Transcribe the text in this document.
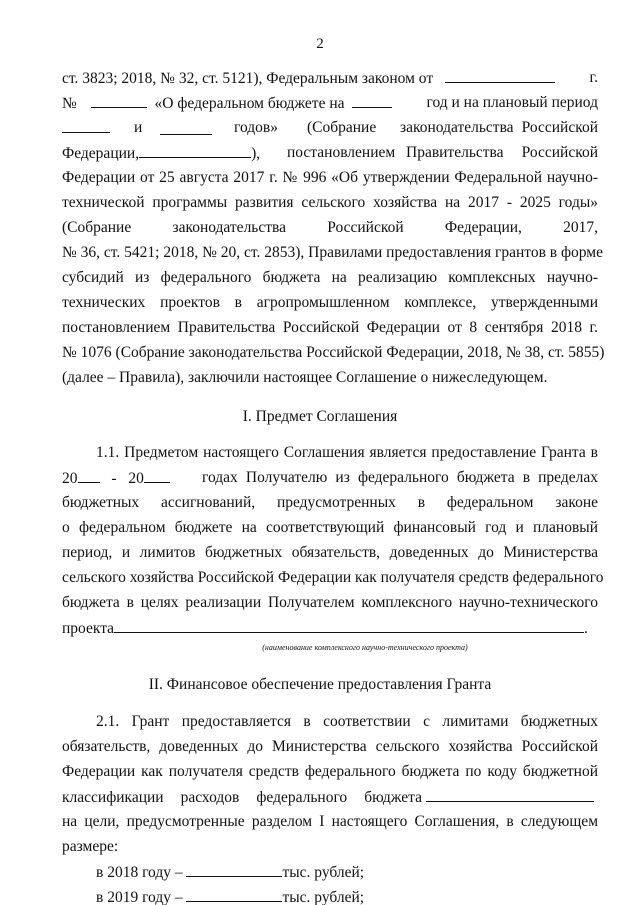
2
ст. 3823; 2018, № 32, ст. 5121), Федеральным законом от	г.
№	«О федеральном бюджете на	год и на плановый период
и	годов» (Собрание законодательства Российской
Федерации,	), постановлением Правительства Российской
Федерации от 25 августа 2017 г. № 996 «Об утверждении Федеральной научно-
технической программы развития сельского хозяйства на 2017 - 2025 годы»
(Собрание законодательства Российской Федерации, 2017,
№ 36, ст. 5421; 2018, № 20, ст. 2853), Правилами предоставления грантов в форме
субсидий из федерального бюджета на реализацию комплексных научно-
технических проектов в агропромышленном комплексе, утвержденными
постановлением Правительства Российской Федерации от 8 сентября 2018 г.
№ 1076 (Собрание законодательства Российской Федерации, 2018, № 38, ст. 5855)
(далее – Правила), заключили настоящее Соглашение о нижеследующем.
I. Предмет Соглашения
1.1. Предметом настоящего Соглашения является предоставление Гранта в
20 - 20	годах Получателю из федерального бюджета в пределах
бюджетных ассигнований, предусмотренных в федеральном законе
о федеральном бюджете на соответствующий финансовый год и плановый
период, и лимитов бюджетных обязательств, доведенных до Министерства
сельского хозяйства Российской Федерации как получателя средств федерального
бюджета в целях реализации Получателем комплексного научно-технического
проекта	.
(наименование комплексного научно-технического проекта)
II. Финансовое обеспечение предоставления Гранта
2.1. Грант предоставляется в соответствии с лимитами бюджетных
обязательств, доведенных до Министерства сельского хозяйства Российской
Федерации как получателя средств федерального бюджета по коду бюджетной
классификации расходов федерального бюджета
на цели, предусмотренные разделом I настоящего Соглашения, в следующем
размере:
в 2018 году –	тыс. рублей;
в 2019 году –	тыс. рублей;
